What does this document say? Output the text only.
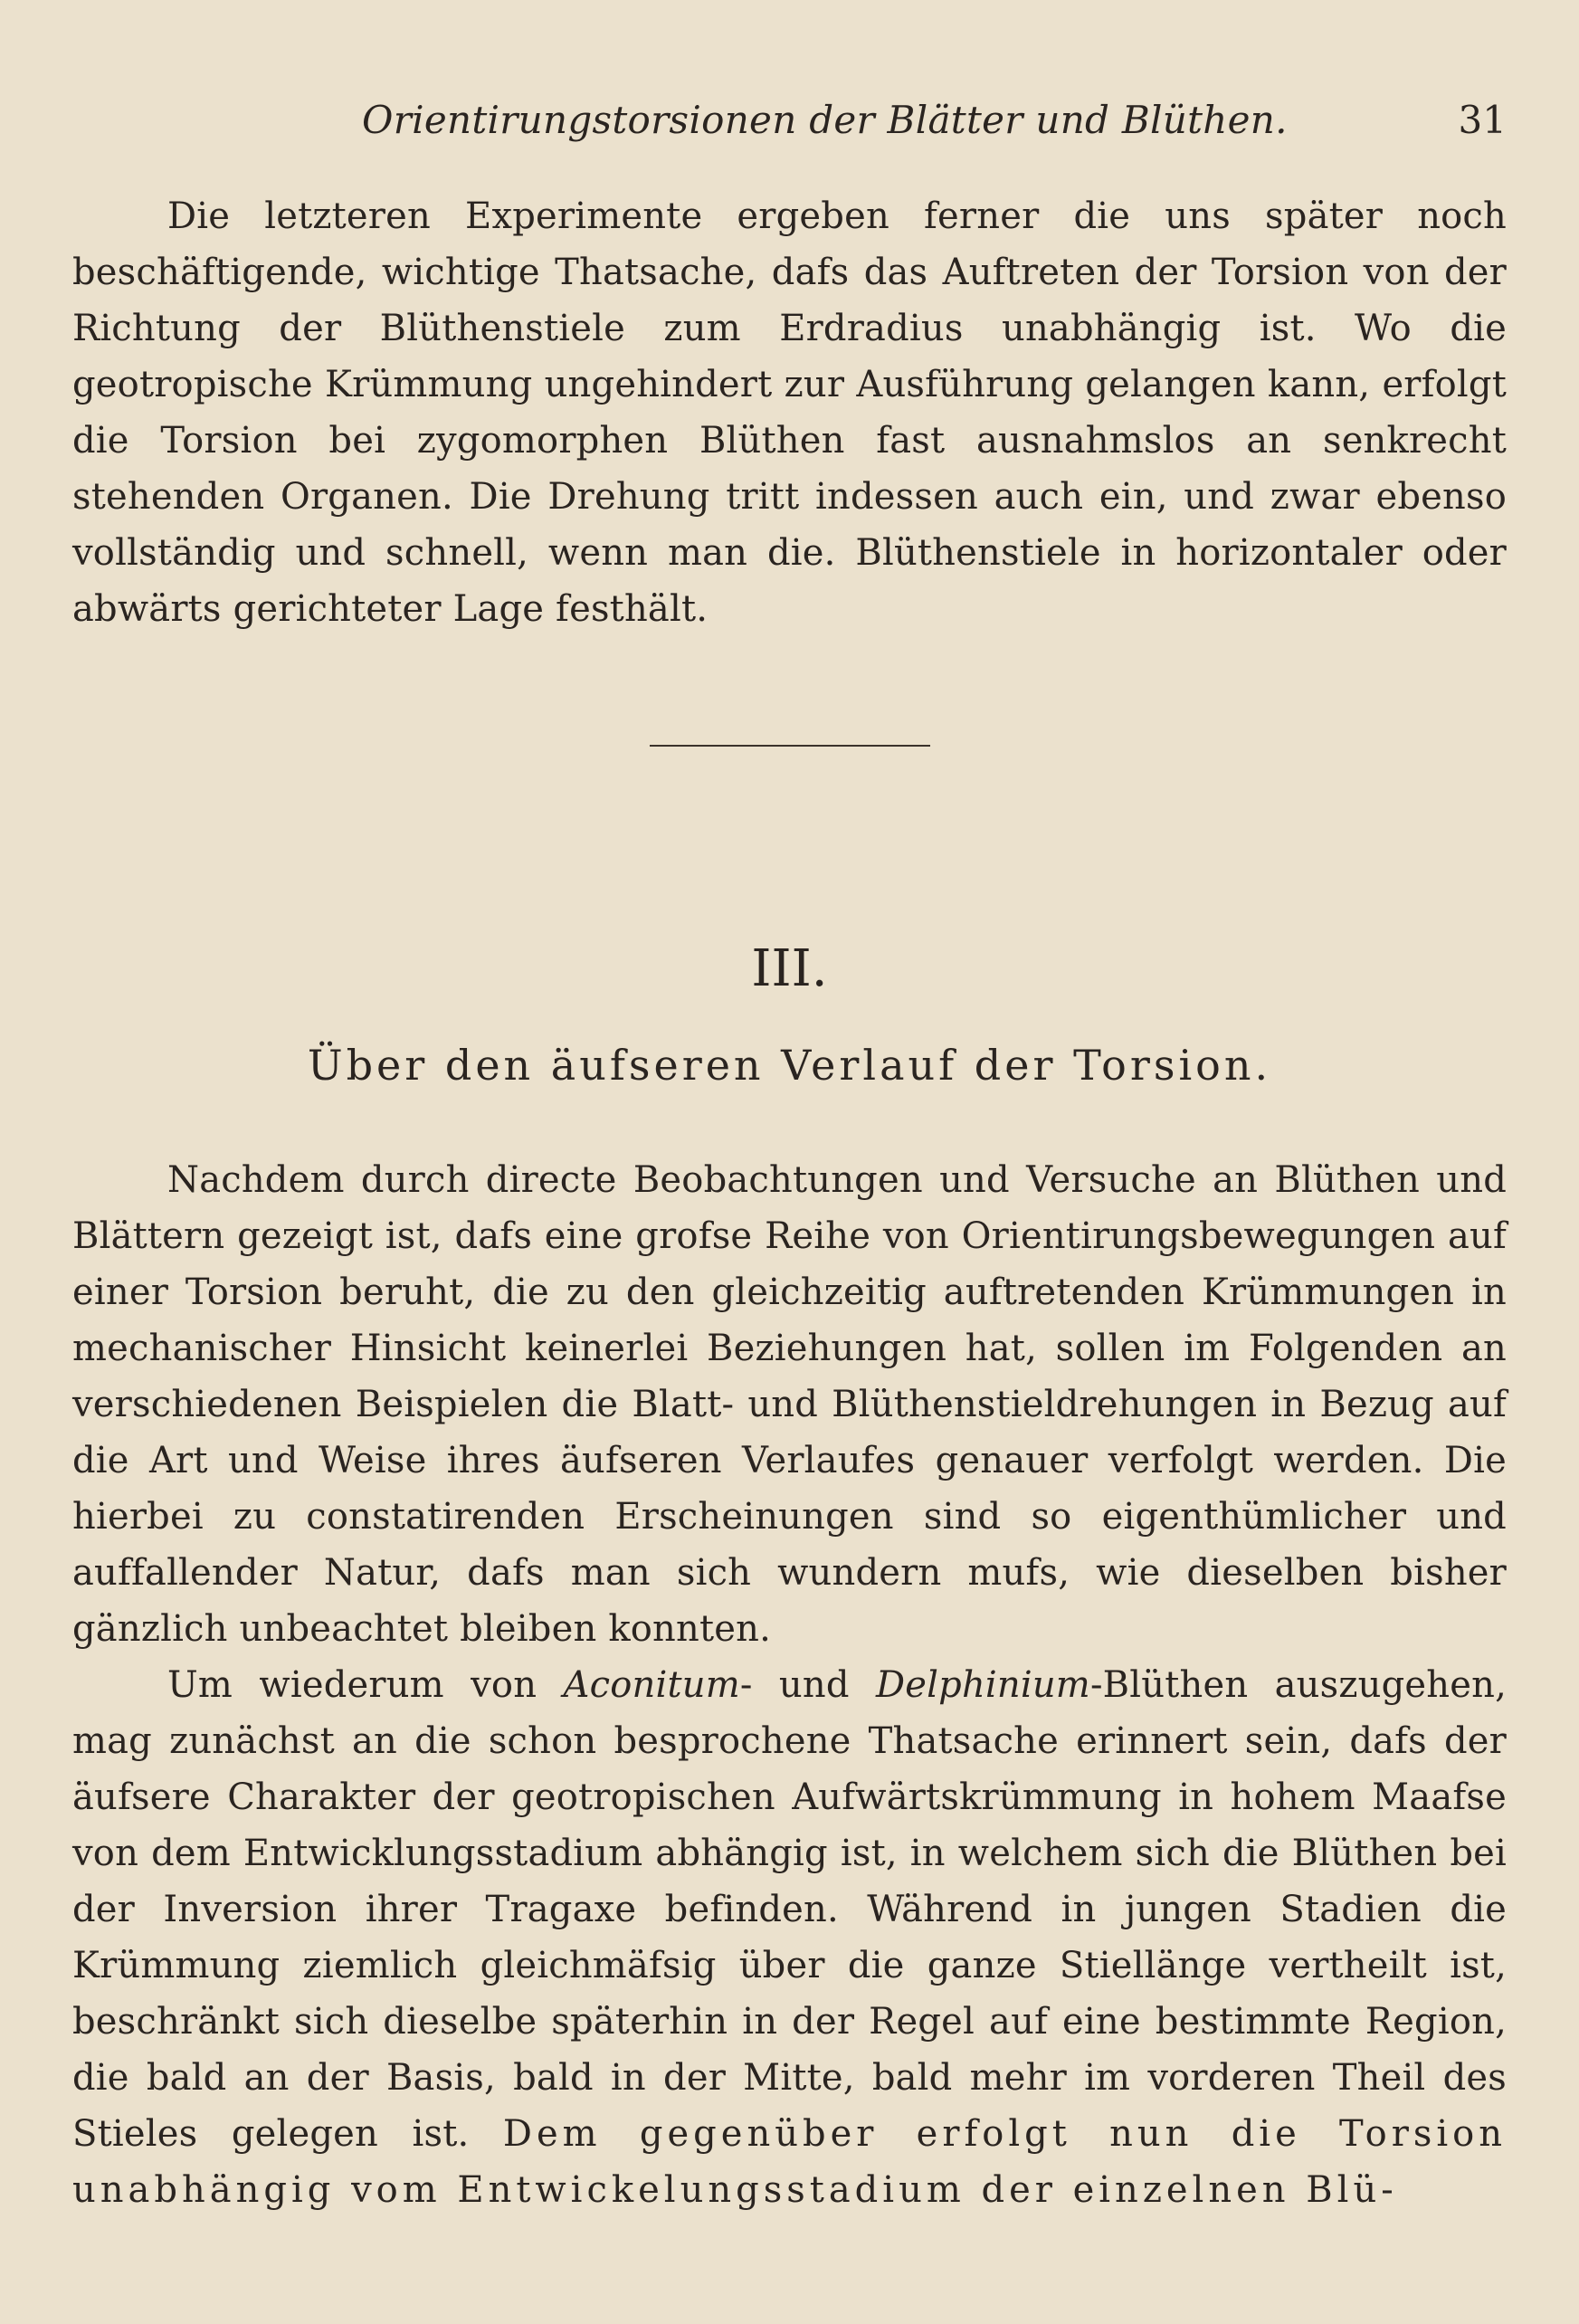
Orientirungstorsionen der Blätter und Blüthen.	31

Die letzteren Experimente ergeben ferner die uns später noch beschäftigende, wichtige Thatsache, dafs das Auftreten der Torsion von der Richtung der Blüthenstiele zum Erdradius unabhängig ist. Wo die geotropische Krümmung ungehindert zur Ausführung gelangen kann, erfolgt die Torsion bei zygomorphen Blüthen fast ausnahmslos an senkrecht stehenden Organen. Die Drehung tritt indessen auch ein, und zwar ebenso vollständig und schnell, wenn man die. Blüthenstiele in horizontaler oder abwärts gerichteter Lage festhält.

III.
Über den äufseren Verlauf der Torsion.

Nachdem durch directe Beobachtungen und Versuche an Blüthen und Blättern gezeigt ist, dafs eine grofse Reihe von Orientirungsbewegungen auf einer Torsion beruht, die zu den gleichzeitig auftretenden Krümmungen in mechanischer Hinsicht keinerlei Beziehungen hat, sollen im Folgenden an verschiedenen Beispielen die Blatt- und Blüthenstieldrehungen in Bezug auf die Art und Weise ihres äufseren Verlaufes genauer verfolgt werden. Die hierbei zu constatirenden Erscheinungen sind so eigenthümlicher und auffallender Natur, dafs man sich wundern mufs, wie dieselben bisher gänzlich unbeachtet bleiben konnten.

Um wiederum von Aconitum- und Delphinium-Blüthen auszugehen, mag zunächst an die schon besprochene Thatsache erinnert sein, dafs der äufsere Charakter der geotropischen Aufwärtskrümmung in hohem Maafse von dem Entwicklungsstadium abhängig ist, in welchem sich die Blüthen bei der Inversion ihrer Tragaxe befinden. Während in jungen Stadien die Krümmung ziemlich gleichmäfsig über die ganze Stiellänge vertheilt ist, beschränkt sich dieselbe späterhin in der Regel auf eine bestimmte Region, die bald an der Basis, bald in der Mitte, bald mehr im vorderen Theil des Stieles gelegen ist. Dem gegenüber erfolgt nun die Torsion unabhängig vom Entwickelungsstadium der einzelnen Blü-
